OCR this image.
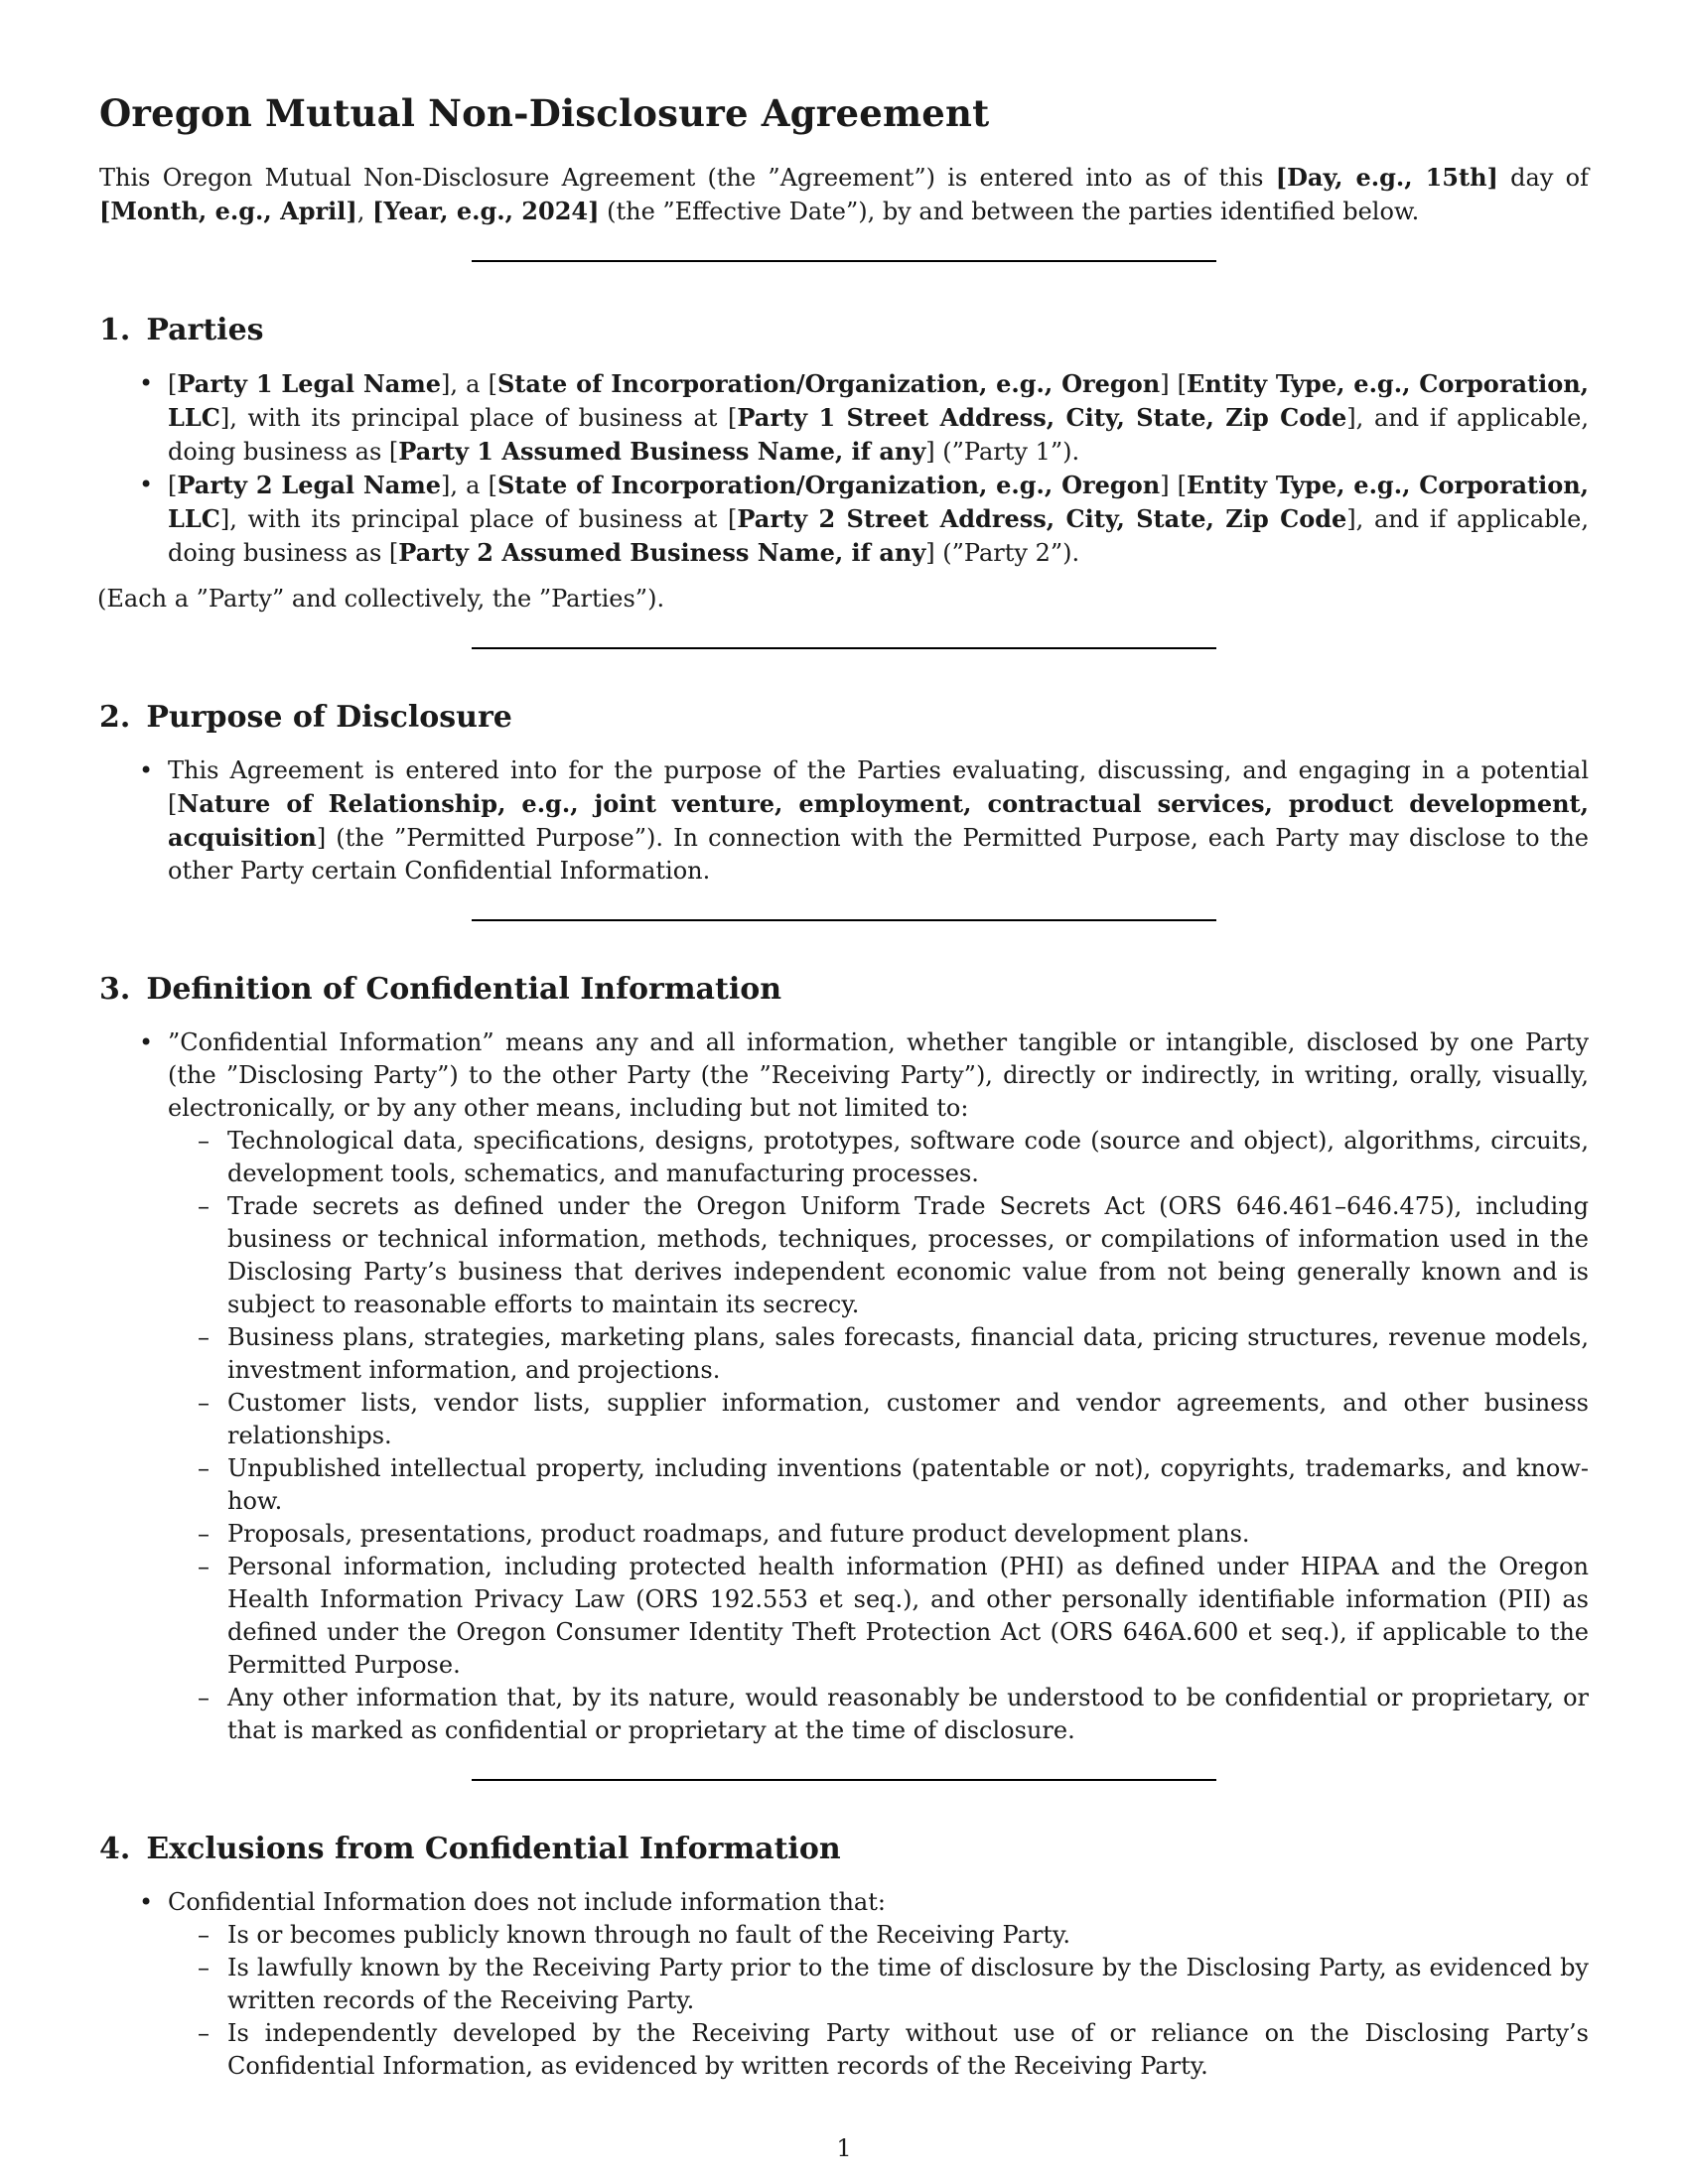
Oregon Mutual Non-Disclosure Agreement

This Oregon Mutual Non-Disclosure Agreement (the ”Agreement”) is entered into as of this [Day, e.g., 15th] day of [Month, e.g., April], [Year, e.g., 2024] (the ”Effective Date”), by and between the parties identified below.

1. Parties
• [Party 1 Legal Name], a [State of Incorporation/Organization, e.g., Oregon] [Entity Type, e.g., Corporation, LLC], with its principal place of business at [Party 1 Street Address, City, State, Zip Code], and if applicable, doing business as [Party 1 Assumed Business Name, if any] (”Party 1”).
• [Party 2 Legal Name], a [State of Incorporation/Organization, e.g., Oregon] [Entity Type, e.g., Corporation, LLC], with its principal place of business at [Party 2 Street Address, City, State, Zip Code], and if applicable, doing business as [Party 2 Assumed Business Name, if any] (”Party 2”).
(Each a ”Party” and collectively, the ”Parties”).
2. Purpose of Disclosure
• This Agreement is entered into for the purpose of the Parties evaluating, discussing, and engaging in a potential [Nature of Relationship, e.g., joint venture, employment, contractual services, product development, acquisition] (the ”Permitted Purpose”). In connection with the Permitted Purpose, each Party may disclose to the other Party certain Confidential Information.
3. Definition of Confidential Information
• ”Confidential Information” means any and all information, whether tangible or intangible, disclosed by one Party (the ”Disclosing Party”) to the other Party (the ”Receiving Party”), directly or indirectly, in writing, orally, visually, electronically, or by any other means, including but not limited to:
– Technological data, specifications, designs, prototypes, software code (source and object), algorithms, circuits, development tools, schematics, and manufacturing processes.
– Trade secrets as defined under the Oregon Uniform Trade Secrets Act (ORS 646.461–646.475), including business or technical information, methods, techniques, processes, or compilations of information used in the Disclosing Party’s business that derives independent economic value from not being generally known and is subject to reasonable efforts to maintain its secrecy.
– Business plans, strategies, marketing plans, sales forecasts, financial data, pricing structures, revenue models, investment information, and projections.
– Customer lists, vendor lists, supplier information, customer and vendor agreements, and other business relationships.
– Unpublished intellectual property, including inventions (patentable or not), copyrights, trademarks, and know-how.
– Proposals, presentations, product roadmaps, and future product development plans.
– Personal information, including protected health information (PHI) as defined under HIPAA and the Oregon Health Information Privacy Law (ORS 192.553 et seq.), and other personally identifiable information (PII) as defined under the Oregon Consumer Identity Theft Protection Act (ORS 646A.600 et seq.), if applicable to the Permitted Purpose.
– Any other information that, by its nature, would reasonably be understood to be confidential or proprietary, or that is marked as confidential or proprietary at the time of disclosure.
4. Exclusions from Confidential Information
• Confidential Information does not include information that:
– Is or becomes publicly known through no fault of the Receiving Party.
– Is lawfully known by the Receiving Party prior to the time of disclosure by the Disclosing Party, as evidenced by written records of the Receiving Party.
– Is independently developed by the Receiving Party without use of or reliance on the Disclosing Party’s Confidential Information, as evidenced by written records of the Receiving Party.
1
